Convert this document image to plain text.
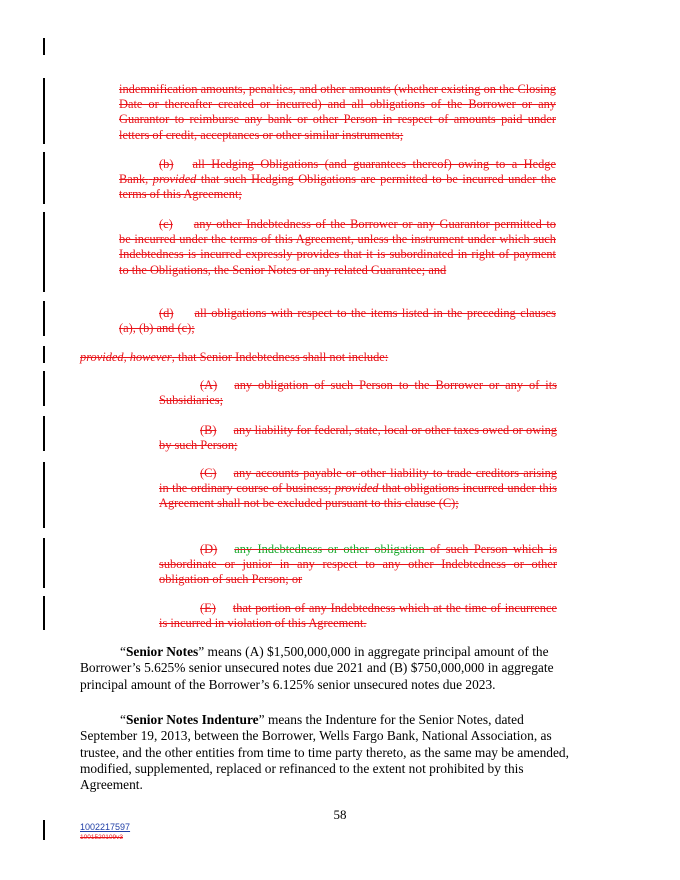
indemnification amounts, penalties, and other amounts (whether existing on the Closing Date or thereafter created or incurred) and all obligations of the Borrower or any Guarantor to reimburse any bank or other Person in respect of amounts paid under letters of credit, acceptances or other similar instruments;
(b) all Hedging Obligations (and guarantees thereof) owing to a Hedge Bank, provided that such Hedging Obligations are permitted to be incurred under the terms of this Agreement;
(c) any other Indebtedness of the Borrower or any Guarantor permitted to be incurred under the terms of this Agreement, unless the instrument under which such Indebtedness is incurred expressly provides that it is subordinated in right of payment to the Obligations, the Senior Notes or any related Guarantee; and
(d) all obligations with respect to the items listed in the preceding clauses (a), (b) and (c);
provided, however, that Senior Indebtedness shall not include:
(A) any obligation of such Person to the Borrower or any of its Subsidiaries;
(B) any liability for federal, state, local or other taxes owed or owing by such Person;
(C) any accounts payable or other liability to trade creditors arising in the ordinary course of business; provided that obligations incurred under this Agreement shall not be excluded pursuant to this clause (C);
(D) any Indebtedness or other obligation of such Person which is subordinate or junior in any respect to any other Indebtedness or other obligation of such Person; or
(E) that portion of any Indebtedness which at the time of incurrence is incurred in violation of this Agreement.
“Senior Notes” means (A) $1,500,000,000 in aggregate principal amount of the Borrower’s 5.625% senior unsecured notes due 2021 and (B) $750,000,000 in aggregate principal amount of the Borrower’s 6.125% senior unsecured notes due 2023.
“Senior Notes Indenture” means the Indenture for the Senior Notes, dated September 19, 2013, between the Borrower, Wells Fargo Bank, National Association, as trustee, and the other entities from time to time party thereto, as the same may be amended, modified, supplemented, replaced or refinanced to the extent not prohibited by this Agreement.
58
1002217597
1001520109v3
